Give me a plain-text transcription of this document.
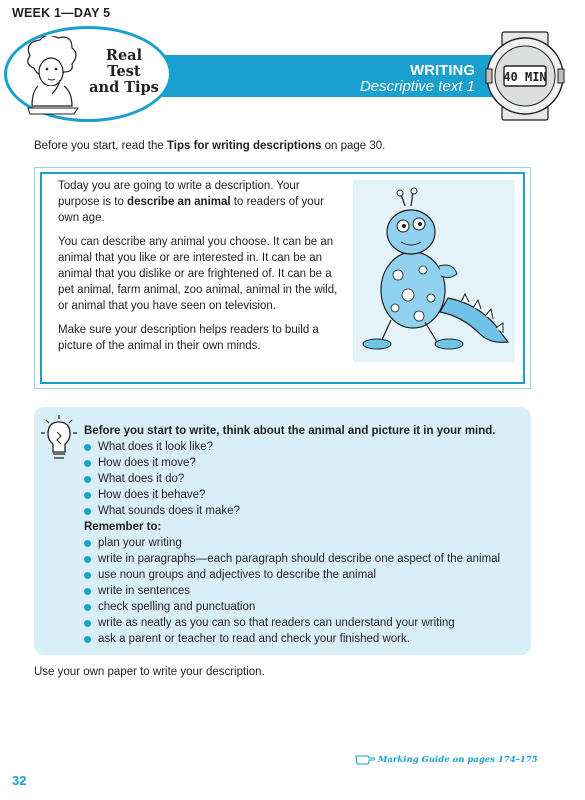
WEEK 1—DAY 5
WRITING
Descriptive text 1
40 MIN
Real
Test
and Tips
Before you start, read the Tips for writing descriptions on page 30.

Today you are going to write a description. Your purpose is to describe an animal to readers of your own age.

You can describe any animal you choose. It can be an animal that you like or are interested in. It can be an animal that you dislike or are frightened of. It can be a pet animal, farm animal, zoo animal, animal in the wild, or animal that you have seen on television.

Make sure your description helps readers to build a picture of the animal in their own minds.

Before you start to write, think about the animal and picture it in your mind.

What does it look like?
How does it move?
What does it do?
How does it behave?
What sounds does it make?

Remember to:

plan your writing
write in paragraphs—each paragraph should describe one aspect of the animal
use noun groups and adjectives to describe the animal
write in sentences
check spelling and punctuation
write as neatly as you can so that readers can understand your writing
ask a parent or teacher to read and check your finished work.
Use your own paper to write your description.
Marking Guide on pages 174–175
32
